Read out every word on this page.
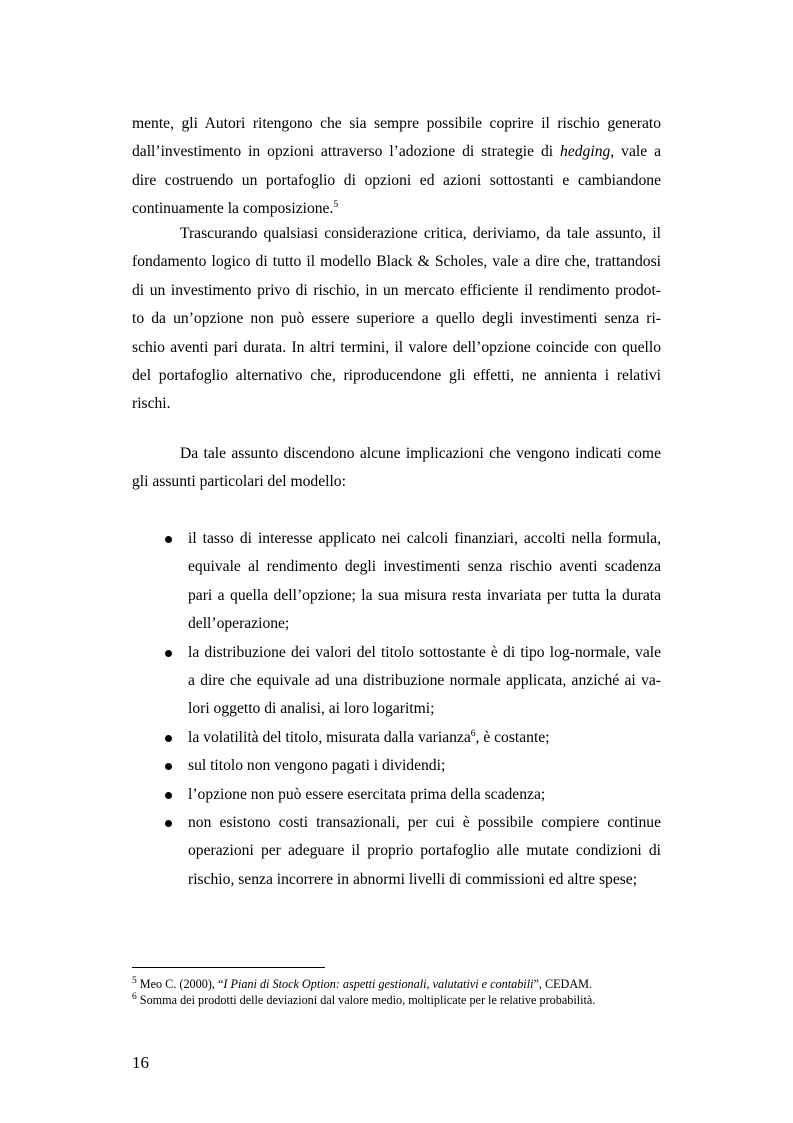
mente, gli Autori ritengono che sia sempre possibile coprire il rischio generato
dall’investimento in opzioni attraverso l’adozione di strategie di hedging, vale a
dire costruendo un portafoglio di opzioni ed azioni sottostanti e cambiandone
continuamente la composizione.$^5$
Trascurando qualsiasi considerazione critica, deriviamo, da tale assunto, il
fondamento logico di tutto il modello Black & Scholes, vale a dire che, trattandosi
di un investimento privo di rischio, in un mercato efficiente il rendimento prodot-
to da un’opzione non può essere superiore a quello degli investimenti senza ri-
schio aventi pari durata. In altri termini, il valore dell’opzione coincide con quello
del portafoglio alternativo che, riproducendone gli effetti, ne annienta i relativi
rischi.
Da tale assunto discendono alcune implicazioni che vengono indicati come
gli assunti particolari del modello:
il tasso di interesse applicato nei calcoli finanziari, accolti nella formula,
equivale al rendimento degli investimenti senza rischio aventi scadenza
pari a quella dell’opzione; la sua misura resta invariata per tutta la durata
dell’operazione;
la distribuzione dei valori del titolo sottostante è di tipo log-normale, vale
a dire che equivale ad una distribuzione normale applicata, anziché ai va-
lori oggetto di analisi, ai loro logaritmi;
la volatilità del titolo, misurata dalla varianza$^6$, è costante;
sul titolo non vengono pagati i dividendi;
l’opzione non può essere esercitata prima della scadenza;
non esistono costi transazionali, per cui è possibile compiere continue
operazioni per adeguare il proprio portafoglio alle mutate condizioni di
rischio, senza incorrere in abnormi livelli di commissioni ed altre spese;
$^5$ Meo C. (2000), “I Piani di Stock Option: aspetti gestionali, valutativi e contabili”, CEDAM.
$^6$ Somma dei prodotti delle deviazioni dal valore medio, moltiplicate per le relative probabilità.
16
